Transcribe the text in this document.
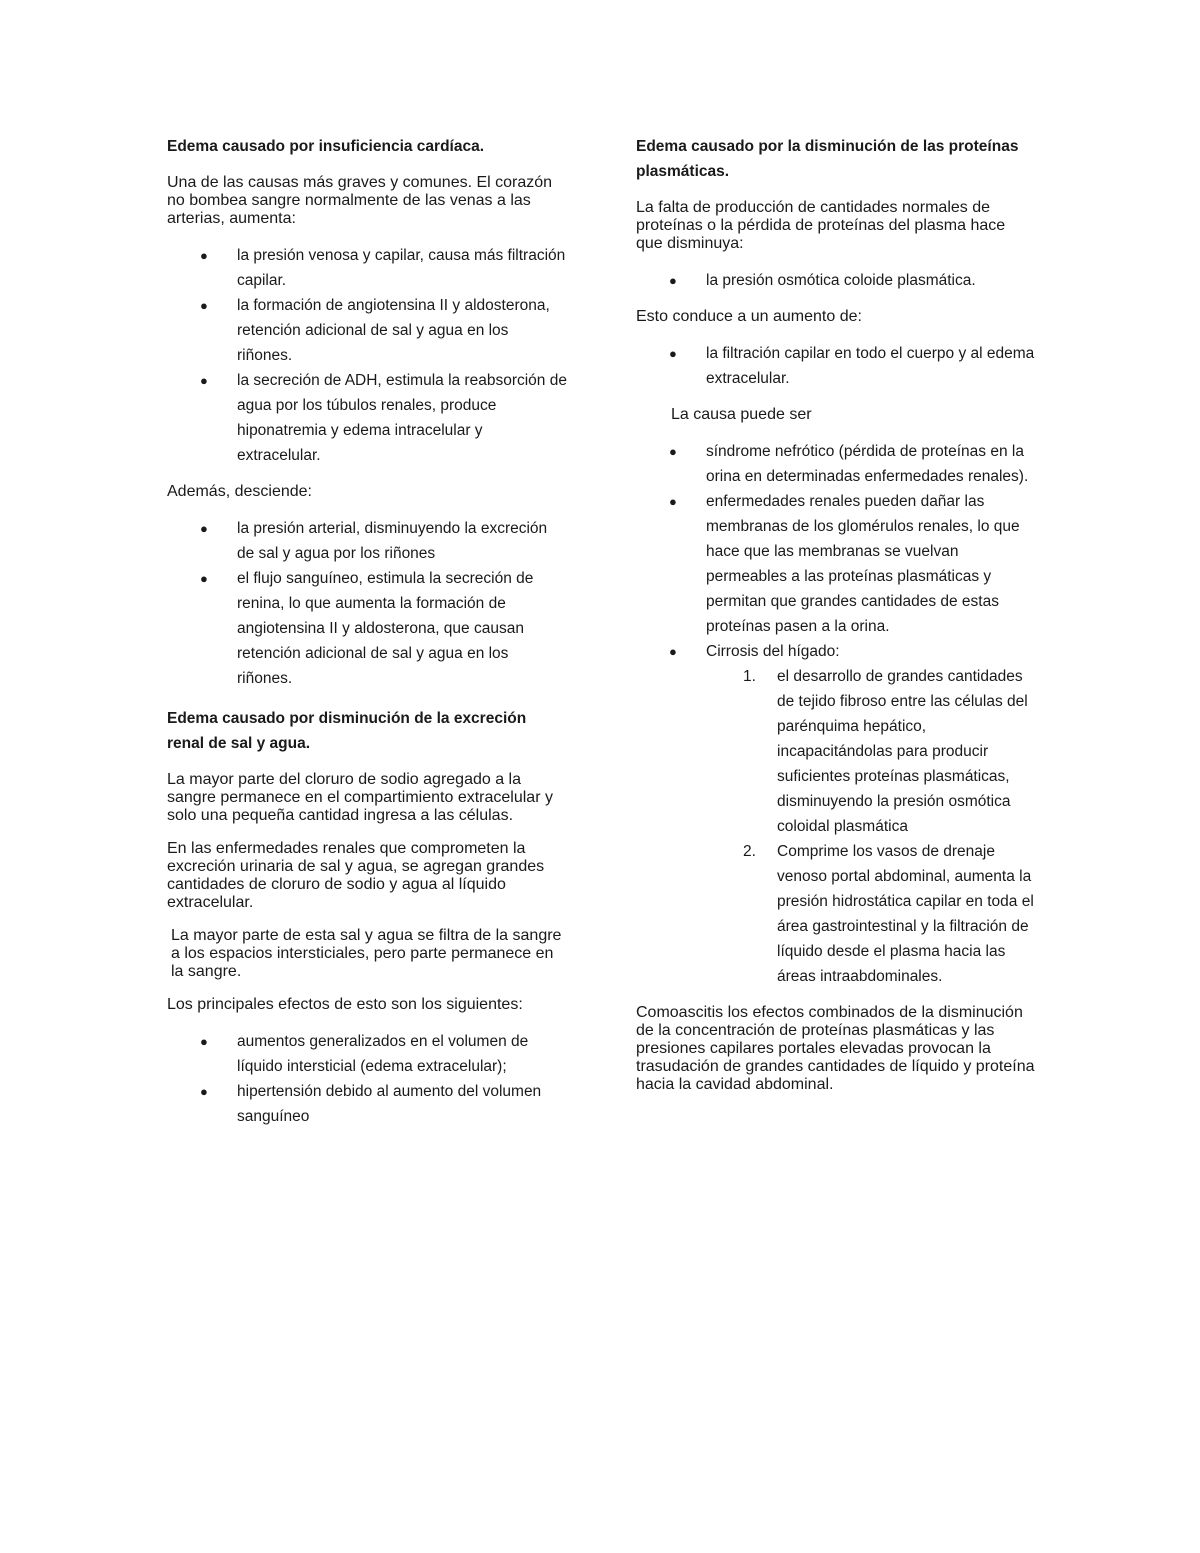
Edema causado por insuficiencia cardíaca.

Una de las causas más graves y comunes. El corazón no bombea sangre normalmente de las venas a las arterias, aumenta:

● la presión venosa y capilar, causa más filtración capilar.
● la formación de angiotensina II y aldosterona, retención adicional de sal y agua en los riñones.
● la secreción de ADH, estimula la reabsorción de agua por los túbulos renales, produce hiponatremia y edema intracelular y extracelular.

Además, desciende:

● la presión arterial, disminuyendo la excreción de sal y agua por los riñones
● el flujo sanguíneo, estimula la secreción de renina, lo que aumenta la formación de angiotensina II y aldosterona, que causan retención adicional de sal y agua en los riñones.
Edema causado por disminución de la excreción renal de sal y agua.

La mayor parte del cloruro de sodio agregado a la sangre permanece en el compartimiento extracelular y solo una pequeña cantidad ingresa a las células.

En las enfermedades renales que comprometen la excreción urinaria de sal y agua, se agregan grandes cantidades de cloruro de sodio y agua al líquido extracelular.

La mayor parte de esta sal y agua se filtra de la sangre a los espacios intersticiales, pero parte permanece en la sangre.

Los principales efectos de esto son los siguientes:

● aumentos generalizados en el volumen de líquido intersticial (edema extracelular);
● hipertensión debido al aumento del volumen sanguíneo
Edema causado por la disminución de las proteínas plasmáticas.

La falta de producción de cantidades normales de proteínas o la pérdida de proteínas del plasma hace que disminuya:

● la presión osmótica coloide plasmática.

Esto conduce a un aumento de:

● la filtración capilar en todo el cuerpo y al edema extracelular.

La causa puede ser

● síndrome nefrótico (pérdida de proteínas en la orina en determinadas enfermedades renales).
● enfermedades renales pueden dañar las membranas de los glomérulos renales, lo que hace que las membranas se vuelvan permeables a las proteínas plasmáticas y permitan que grandes cantidades de estas proteínas pasen a la orina.
● Cirrosis del hígado:
1. el desarrollo de grandes cantidades de tejido fibroso entre las células del parénquima hepático, incapacitándolas para producir suficientes proteínas plasmáticas, disminuyendo la presión osmótica coloidal plasmática
2. Comprime los vasos de drenaje venoso portal abdominal, aumenta la presión hidrostática capilar en toda el área gastrointestinal y la filtración de líquido desde el plasma hacia las áreas intraabdominales.

Comoascitis los efectos combinados de la disminución de la concentración de proteínas plasmáticas y las presiones capilares portales elevadas provocan la trasudación de grandes cantidades de líquido y proteína hacia la cavidad abdominal.
